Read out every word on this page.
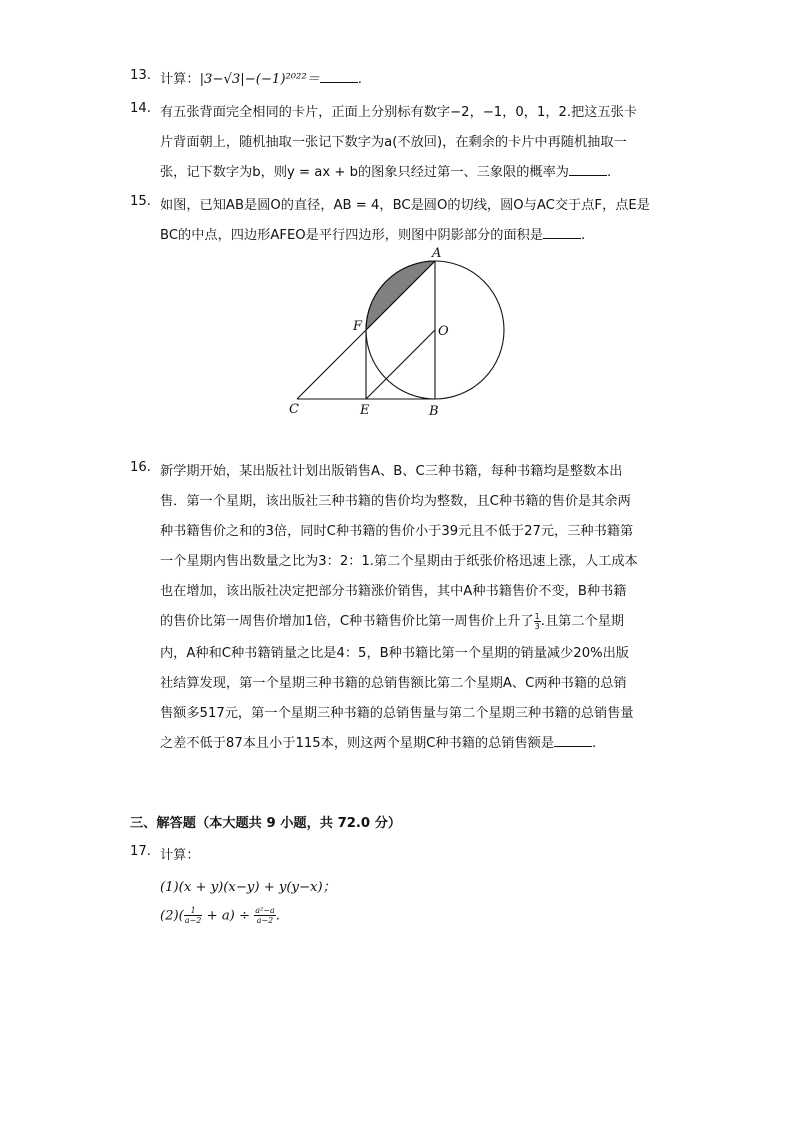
13. 计算：|3−√3|−(−1)²⁰²²＝	.
14. 有五张背面完全相同的卡片，正面上分别标有数字−2，−1，0，1，2.把这五张卡
片背面朝上，随机抽取一张记下数字为a(不放回)，在剩余的卡片中再随机抽取一
张，记下数字为b，则y = ax + b的图象只经过第一、三象限的概率为	.
15. 如图，已知AB是圆O的直径，AB = 4，BC是圆O的切线，圆O与AC交于点F，点E是
BC的中点，四边形AFEO是平行四边形，则图中阴影部分的面积是	.
A
O
F
C	E	B
16. 新学期开始，某出版社计划出版销售A、B、C三种书籍，每种书籍均是整数本出
售．第一个星期，该出版社三种书籍的售价均为整数，且C种书籍的售价是其余两
种书籍售价之和的3倍，同时C种书籍的售价小于39元且不低于27元，三种书籍第
一个星期内售出数量之比为3：2：1.第二个星期由于纸张价格迅速上涨，人工成本
也在增加，该出版社决定把部分书籍涨价销售，其中A种书籍售价不变，B种书籍
的售价比第一周售价增加1倍，C种书籍售价比第一周售价上升了 $\frac{1}{3}$ .且第二个星期
内，A种和C种书籍销量之比是4：5，B种书籍比第一个星期的销量减少20%出版
社结算发现，第一个星期三种书籍的总销售额比第二个星期A、C两种书籍的总销
售额多517元，第一个星期三种书籍的总销售量与第二个星期三种书籍的总销售量
之差不低于87本且小于115本，则这两个星期C种书籍的总销售额是	.
三、解答题（本大题共 9 小题，共 72.0 分）
17. 计算：
(1)(x + y)(x−y) + y(y−x)；
$(2)( \frac{1}{a-2} + a) \div \frac{\text{a²−a}}{a-2}$ .
